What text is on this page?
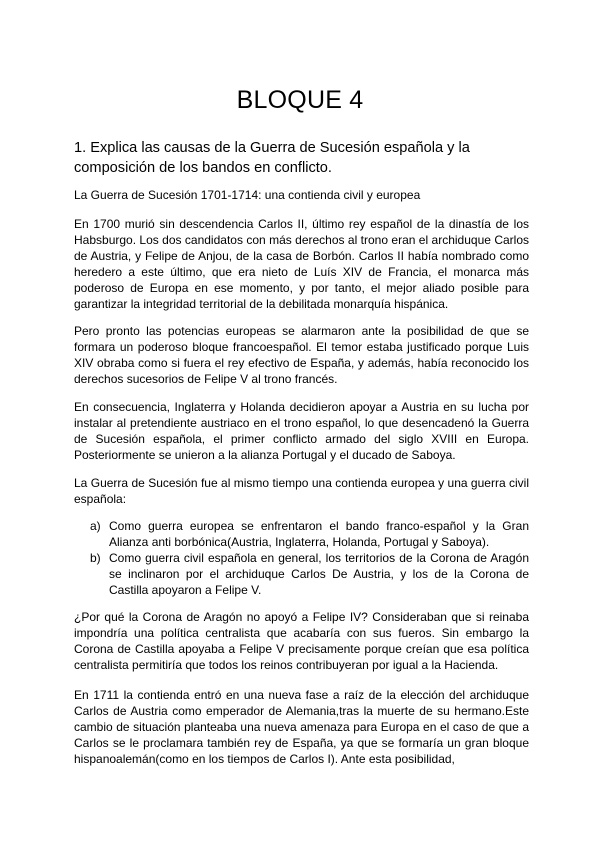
BLOQUE 4
1. Explica las causas de la Guerra de Sucesión española y la composición de los bandos en conflicto.
La Guerra de Sucesión 1701-1714: una contienda civil y europea
En 1700 murió sin descendencia Carlos II, último rey español de la dinastía de los Habsburgo. Los dos candidatos con más derechos al trono eran el archiduque Carlos de Austria, y Felipe de Anjou, de la casa de Borbón. Carlos II había nombrado como heredero a este último, que era nieto de Luís XIV de Francia, el monarca más poderoso de Europa en ese momento, y por tanto, el mejor aliado posible para garantizar la integridad territorial de la debilitada monarquía hispánica.
Pero pronto las potencias europeas se alarmaron ante la posibilidad de que se formara un poderoso bloque francoespañol. El temor estaba justificado porque Luis XIV obraba como si fuera el rey efectivo de España, y además, había reconocido los derechos sucesorios de Felipe V al trono francés.
En consecuencia, Inglaterra y Holanda decidieron apoyar a Austria en su lucha por instalar al pretendiente austriaco en el trono español, lo que desencadenó la Guerra de Sucesión española, el primer conflicto armado del siglo XVIII en Europa. Posteriormente se unieron a la alianza Portugal y el ducado de Saboya.
La Guerra de Sucesión fue al mismo tiempo una contienda europea y una guerra civil española:
a) Como guerra europea se enfrentaron el bando franco-español y la Gran Alianza anti borbónica(Austria, Inglaterra, Holanda, Portugal y Saboya).
b) Como guerra civil española en general, los territorios de la Corona de Aragón se inclinaron por el archiduque Carlos De Austria, y los de la Corona de Castilla apoyaron a Felipe V.
¿Por qué la Corona de Aragón no apoyó a Felipe IV? Consideraban que si reinaba impondría una política centralista que acabaría con sus fueros. Sin embargo la Corona de Castilla apoyaba a Felipe V precisamente porque creían que esa política centralista permitiría que todos los reinos contribuyeran por igual a la Hacienda.
En 1711 la contienda entró en una nueva fase a raíz de la elección del archiduque Carlos de Austria como emperador de Alemania,tras la muerte de su hermano.Este cambio de situación planteaba una nueva amenaza para Europa en el caso de que a Carlos se le proclamara también rey de España, ya que se formaría un gran bloque hispanoalemán(como en los tiempos de Carlos I). Ante esta posibilidad,
